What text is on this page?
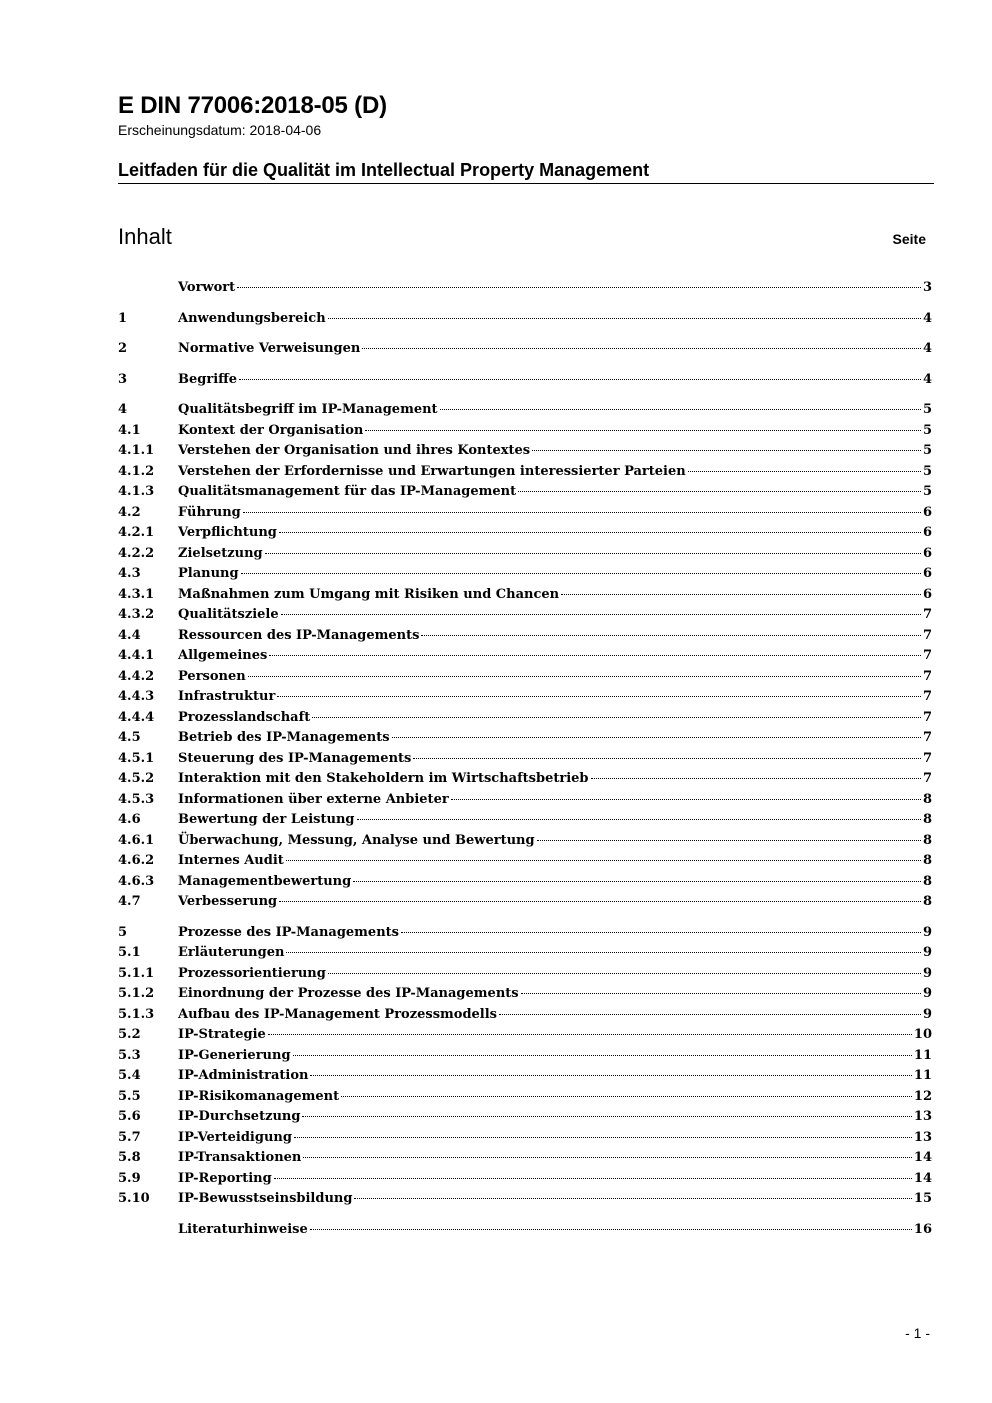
E DIN 77006:2018-05 (D)
Erscheinungsdatum: 2018-04-06
Leitfaden für die Qualität im Intellectual Property Management
Inhalt	Seite
Vorwort	3
1	Anwendungsbereich	4
2	Normative Verweisungen	4
3	Begriffe	4
4	Qualitätsbegriff im IP-Management	5
4.1	Kontext der Organisation	5
4.1.1	Verstehen der Organisation und ihres Kontextes	5
4.1.2	Verstehen der Erfordernisse und Erwartungen interessierter Parteien	5
4.1.3	Qualitätsmanagement für das IP-Management	5
4.2	Führung	6
4.2.1	Verpflichtung	6
4.2.2	Zielsetzung	6
4.3	Planung	6
4.3.1	Maßnahmen zum Umgang mit Risiken und Chancen	6
4.3.2	Qualitätsziele	7
4.4	Ressourcen des IP-Managements	7
4.4.1	Allgemeines	7
4.4.2	Personen	7
4.4.3	Infrastruktur	7
4.4.4	Prozesslandschaft	7
4.5	Betrieb des IP-Managements	7
4.5.1	Steuerung des IP-Managements	7
4.5.2	Interaktion mit den Stakeholdern im Wirtschaftsbetrieb	7
4.5.3	Informationen über externe Anbieter	8
4.6	Bewertung der Leistung	8
4.6.1	Überwachung, Messung, Analyse und Bewertung	8
4.6.2	Internes Audit	8
4.6.3	Managementbewertung	8
4.7	Verbesserung	8
5	Prozesse des IP-Managements	9
5.1	Erläuterungen	9
5.1.1	Prozessorientierung	9
5.1.2	Einordnung der Prozesse des IP-Managements	9
5.1.3	Aufbau des IP-Management Prozessmodells	9
5.2	IP-Strategie	10
5.3	IP-Generierung	11
5.4	IP-Administration	11
5.5	IP-Risikomanagement	12
5.6	IP-Durchsetzung	13
5.7	IP-Verteidigung	13
5.8	IP-Transaktionen	14
5.9	IP-Reporting	14
5.10	IP-Bewusstseinsbildung	15
Literaturhinweise	16
- 1 -
